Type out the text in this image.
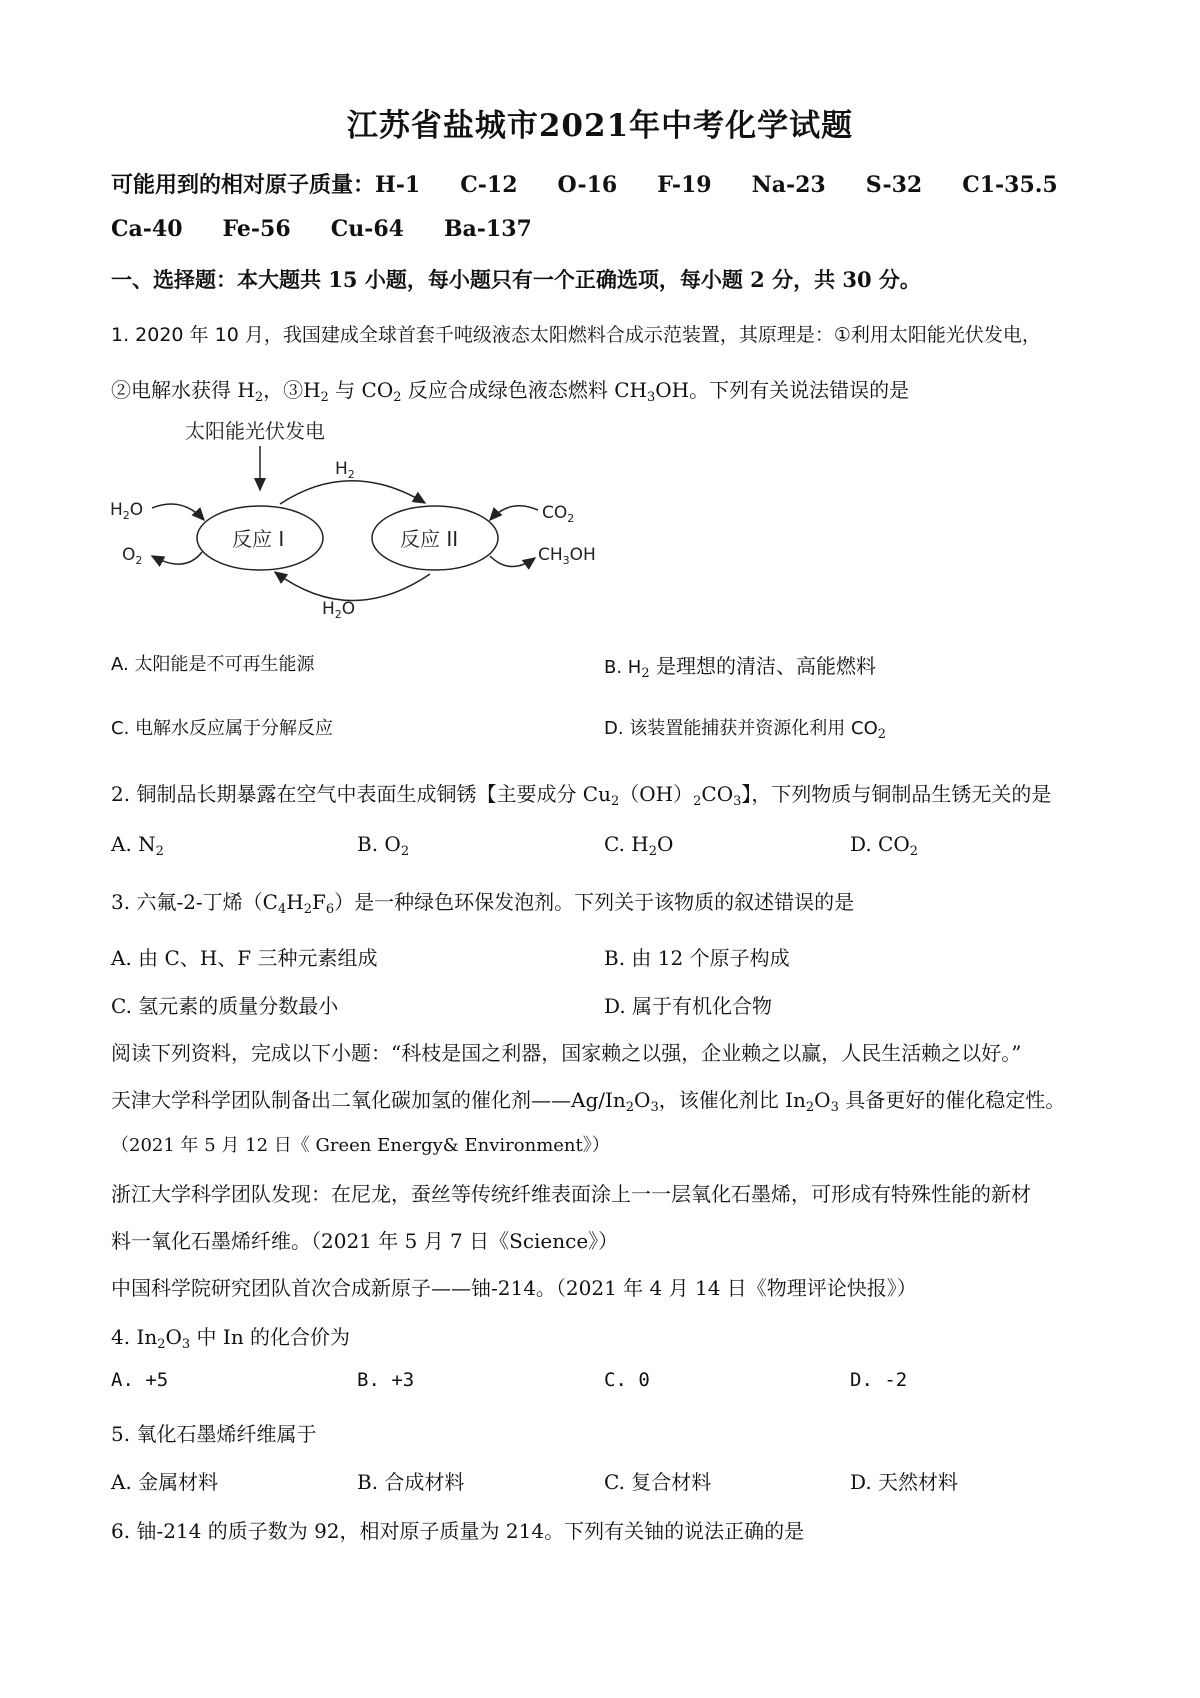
江苏省盐城市2021年中考化学试题
可能用到的相对原子质量：H-1 C-12 O-16 F-19 Na-23 S-32 C1-35.5
Ca-40 Fe-56 Cu-64 Ba-137
一、选择题：本大题共 15 小题，每小题只有一个正确选项，每小题 2 分，共 30 分。
1. 2020 年 10 月，我国建成全球首套千吨级液态太阳燃料合成示范装置，其原理是：①利用太阳能光伏发电，
②电解水获得 $H_2$，$③H_2$ 与 $CO_2$ 反应合成绿色液态燃料 $CH_3OH$。下列有关说法错误的是
太阳能光伏发电
反应 I	反应 II
$H_2$
$H_2O$
$H_2O$
$O_2$
$CO_2$
$CH_3OH$
A. 太阳能是不可再生能源	B. $H_2$ 是理想的清洁、高能燃料
C. 电解水反应属于分解反应	D. 该装置能捕获并资源化利用 $CO_2$
2. 铜制品长期暴露在空气中表面生成铜锈【主要成分 $Cu_2(OH)_2CO_3$】，下列物质与铜制品生锈无关的是
A. $N_2$	B. $O_2$	C. $H_2O$	D. $CO_2$
3. 六氟-2-丁烯$(C_4H_2F_6)$是一种绿色环保发泡剂。下列关于该物质的叙述错误的是
A. 由 C、H、F 三种元素组成	B. 由 12 个原子构成
C. 氢元素的质量分数最小	D. 属于有机化合物
阅读下列资料，完成以下小题：“科枝是国之利器，国家赖之以强，企业赖之以赢，人民生活赖之以好。”
天津大学科学团队制备出二氧化碳加氢的催化剂$——Ag/In_2O_3$，该催化剂比 $In_2O_3$ 具备更好的催化稳定性。
（2021 年 5 月 12 日《 Green Energy& Environment》）
浙江大学科学团队发现：在尼龙，蚕丝等传统纤维表面涂上一一层氧化石墨烯，可形成有特殊性能的新材
料一氧化石墨烯纤维。（2021 年 5 月 7 日《Science》）
中国科学院研究团队首次合成新原子——铀-214。（2021 年 4 月 14 日《物理评论快报》）
4. $In_2O_3$ 中 In 的化合价为
A. +5	B. +3	C. 0	D. -2
5. 氧化石墨烯纤维属于
A. 金属材料	B. 合成材料	C. 复合材料	D. 天然材料
6. 铀-214 的质子数为 92，相对原子质量为 214。下列有关铀的说法正确的是
